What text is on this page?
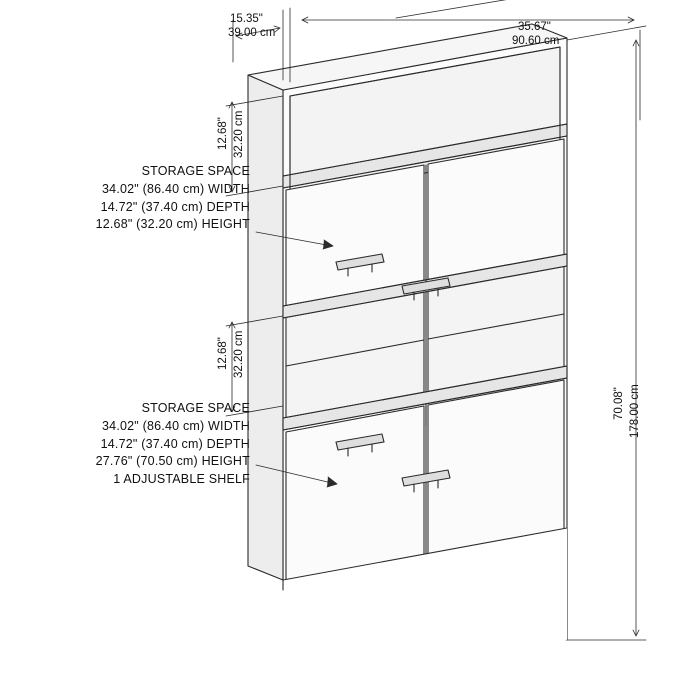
STORAGE SPACE
34.02" (86.40 cm) WIDTH
14.72" (37.40 cm) DEPTH
12.68" (32.20 cm) HEIGHT
STORAGE SPACE
34.02" (86.40 cm) WIDTH
14.72" (37.40 cm) DEPTH
27.76" (70.50 cm) HEIGHT
1 ADJUSTABLE SHELF
15.35"
39.00 cm	35.67"
90.60 cm
12.68" 32.20 cm
12.68" 32.20 cm
70.08" 178.00 cm
